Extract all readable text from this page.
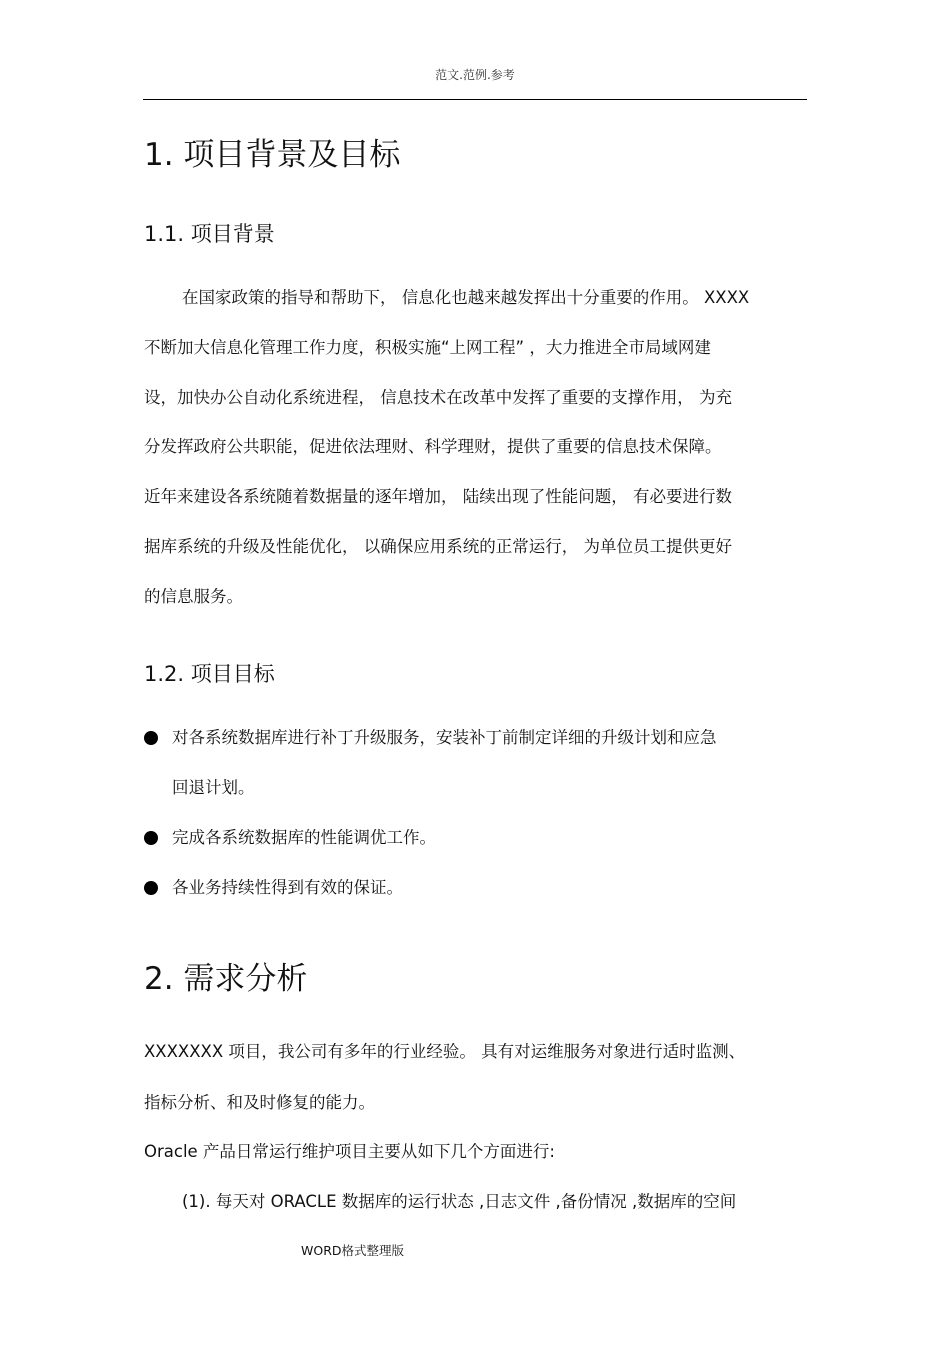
范文.范例.参考
1. 项目背景及目标
1.1. 项目背景
在国家政策的指导和帮助下， 信息化也越来越发挥出十分重要的作用。 XXXX
不断加大信息化管理工作力度，积极实施“上网工程” ，大力推进全市局域网建
设，加快办公自动化系统进程， 信息技术在改革中发挥了重要的支撑作用， 为充
分发挥政府公共职能，促进依法理财、科学理财，提供了重要的信息技术保障。
近年来建设各系统随着数据量的逐年增加， 陆续出现了性能问题， 有必要进行数
据库系统的升级及性能优化， 以确保应用系统的正常运行， 为单位员工提供更好
的信息服务。
1.2. 项目目标
对各系统数据库进行补丁升级服务，安装补丁前制定详细的升级计划和应急
回退计划。
完成各系统数据库的性能调优工作。
各业务持续性得到有效的保证。
2. 需求分析
XXXXXXX 项目，我公司有多年的行业经验。 具有对运维服务对象进行适时监测、
指标分析、和及时修复的能力。
Oracle 产品日常运行维护项目主要从如下几个方面进行:
(1). 每天对 ORACLE 数据库的运行状态 ,日志文件 ,备份情况 ,数据库的空间
WORD格式整理版
